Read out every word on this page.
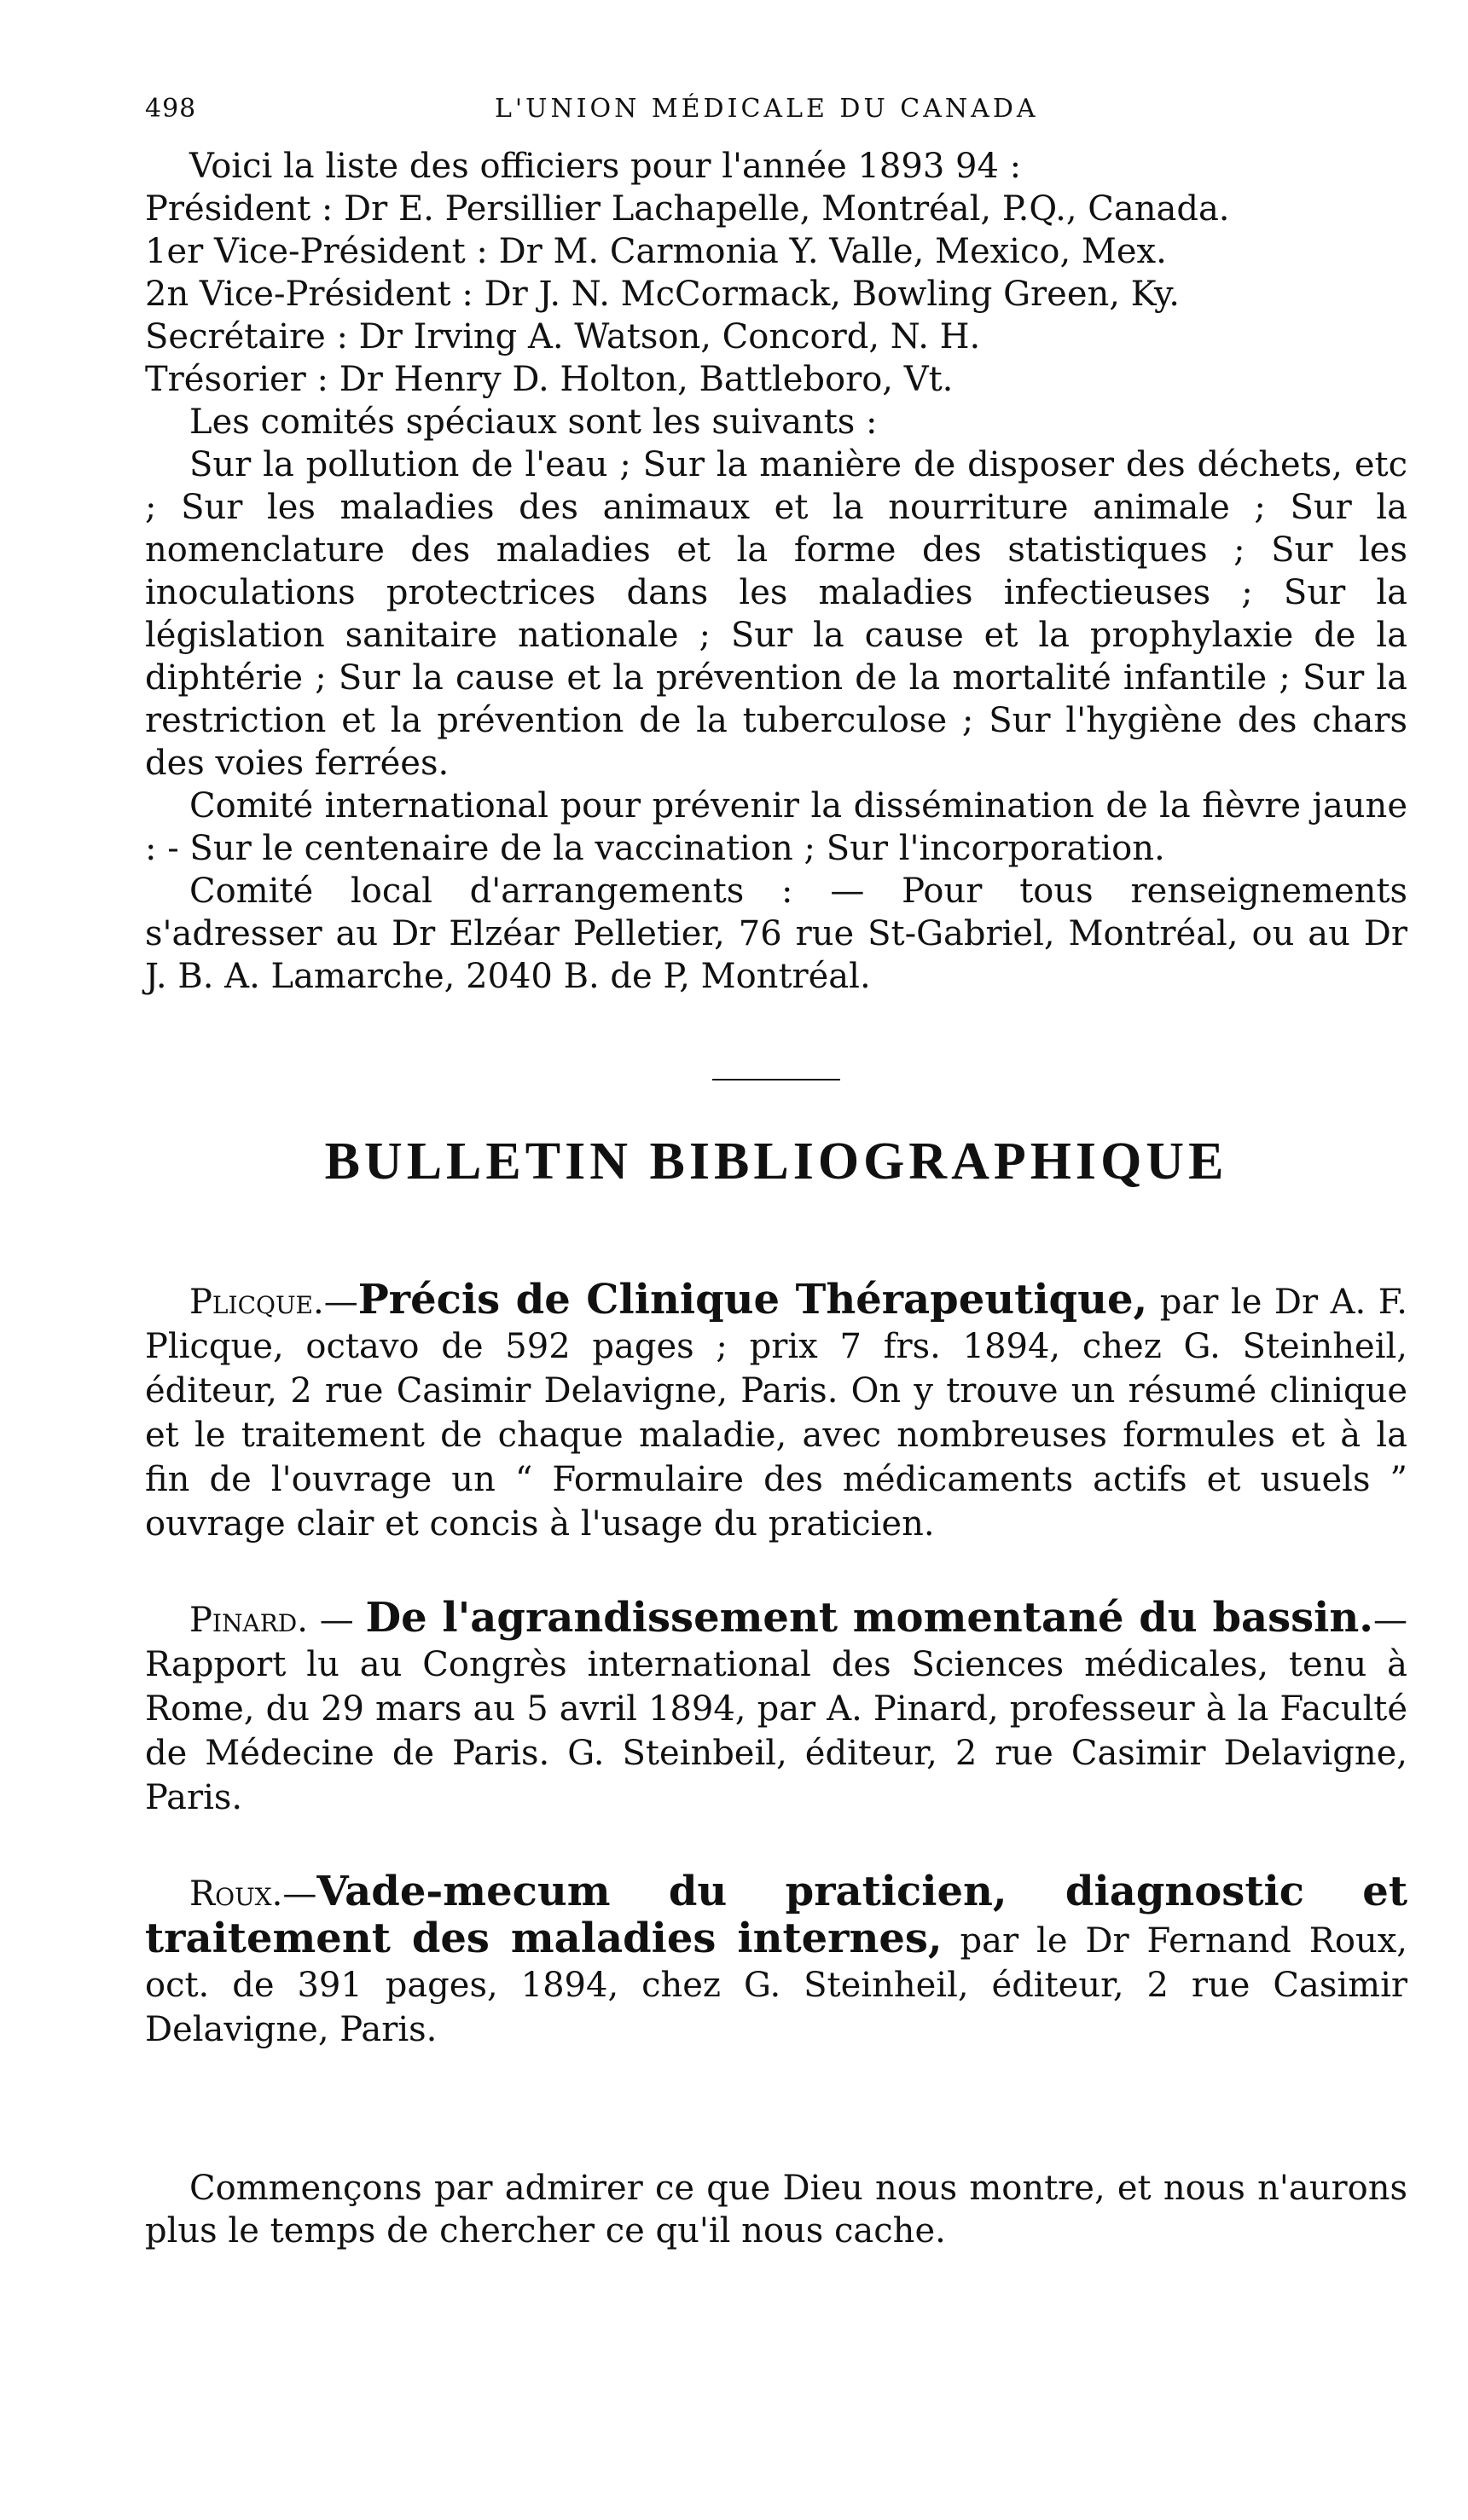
498	L'UNION MÉDICALE DU CANADA

Voici la liste des officiers pour l'année 1893 94 :

Président : Dr E. Persillier Lachapelle, Montréal, P.Q., Canada.
1er Vice-Président : Dr M. Carmonia Y. Valle, Mexico, Mex.
2n Vice-Président : Dr J. N. McCormack, Bowling Green, Ky.
Secrétaire : Dr Irving A. Watson, Concord, N. H.
Trésorier : Dr Henry D. Holton, Battleboro, Vt.

Les comités spéciaux sont les suivants :

Sur la pollution de l'eau ; Sur la manière de disposer des déchets, etc ; Sur les maladies des animaux et la nourriture animale ; Sur la nomenclature des maladies et la forme des statistiques ; Sur les inoculations protectrices dans les maladies infectieuses ; Sur la législation sanitaire nationale ; Sur la cause et la prophylaxie de la diphtérie ; Sur la cause et la prévention de la mortalité infantile ; Sur la restriction et la prévention de la tuberculose ; Sur l'hygiène des chars des voies ferrées.

Comité international pour prévenir la dissémination de la fièvre jaune : - Sur le centenaire de la vaccination ; Sur l'incorporation.

Comité local d'arrangements : — Pour tous renseignements s'adresser au Dr Elzéar Pelletier, 76 rue St-Gabriel, Montréal, ou au Dr J. B. A. Lamarche, 2040 B. de P, Montréal.

BULLETIN BIBLIOGRAPHIQUE

Plicque.—Précis de Clinique Thérapeutique, par le Dr A. F. Plicque, octavo de 592 pages ; prix 7 frs. 1894, chez G. Steinheil, éditeur, 2 rue Casimir Delavigne, Paris. On y trouve un résumé clinique et le traitement de chaque maladie, avec nombreuses formules et à la fin de l'ouvrage un “ Formulaire des médicaments actifs et usuels ” ouvrage clair et concis à l'usage du praticien.

Pinard. — De l'agrandissement momentané du bassin.— Rapport lu au Congrès international des Sciences médicales, tenu à Rome, du 29 mars au 5 avril 1894, par A. Pinard, professeur à la Faculté de Médecine de Paris. G. Steinbeil, éditeur, 2 rue Casimir Delavigne, Paris.

Roux.—Vade-mecum du praticien, diagnostic et traitement des maladies internes, par le Dr Fernand Roux, oct. de 391 pages, 1894, chez G. Steinheil, éditeur, 2 rue Casimir Delavigne, Paris.

Commençons par admirer ce que Dieu nous montre, et nous n'aurons plus le temps de chercher ce qu'il nous cache.
